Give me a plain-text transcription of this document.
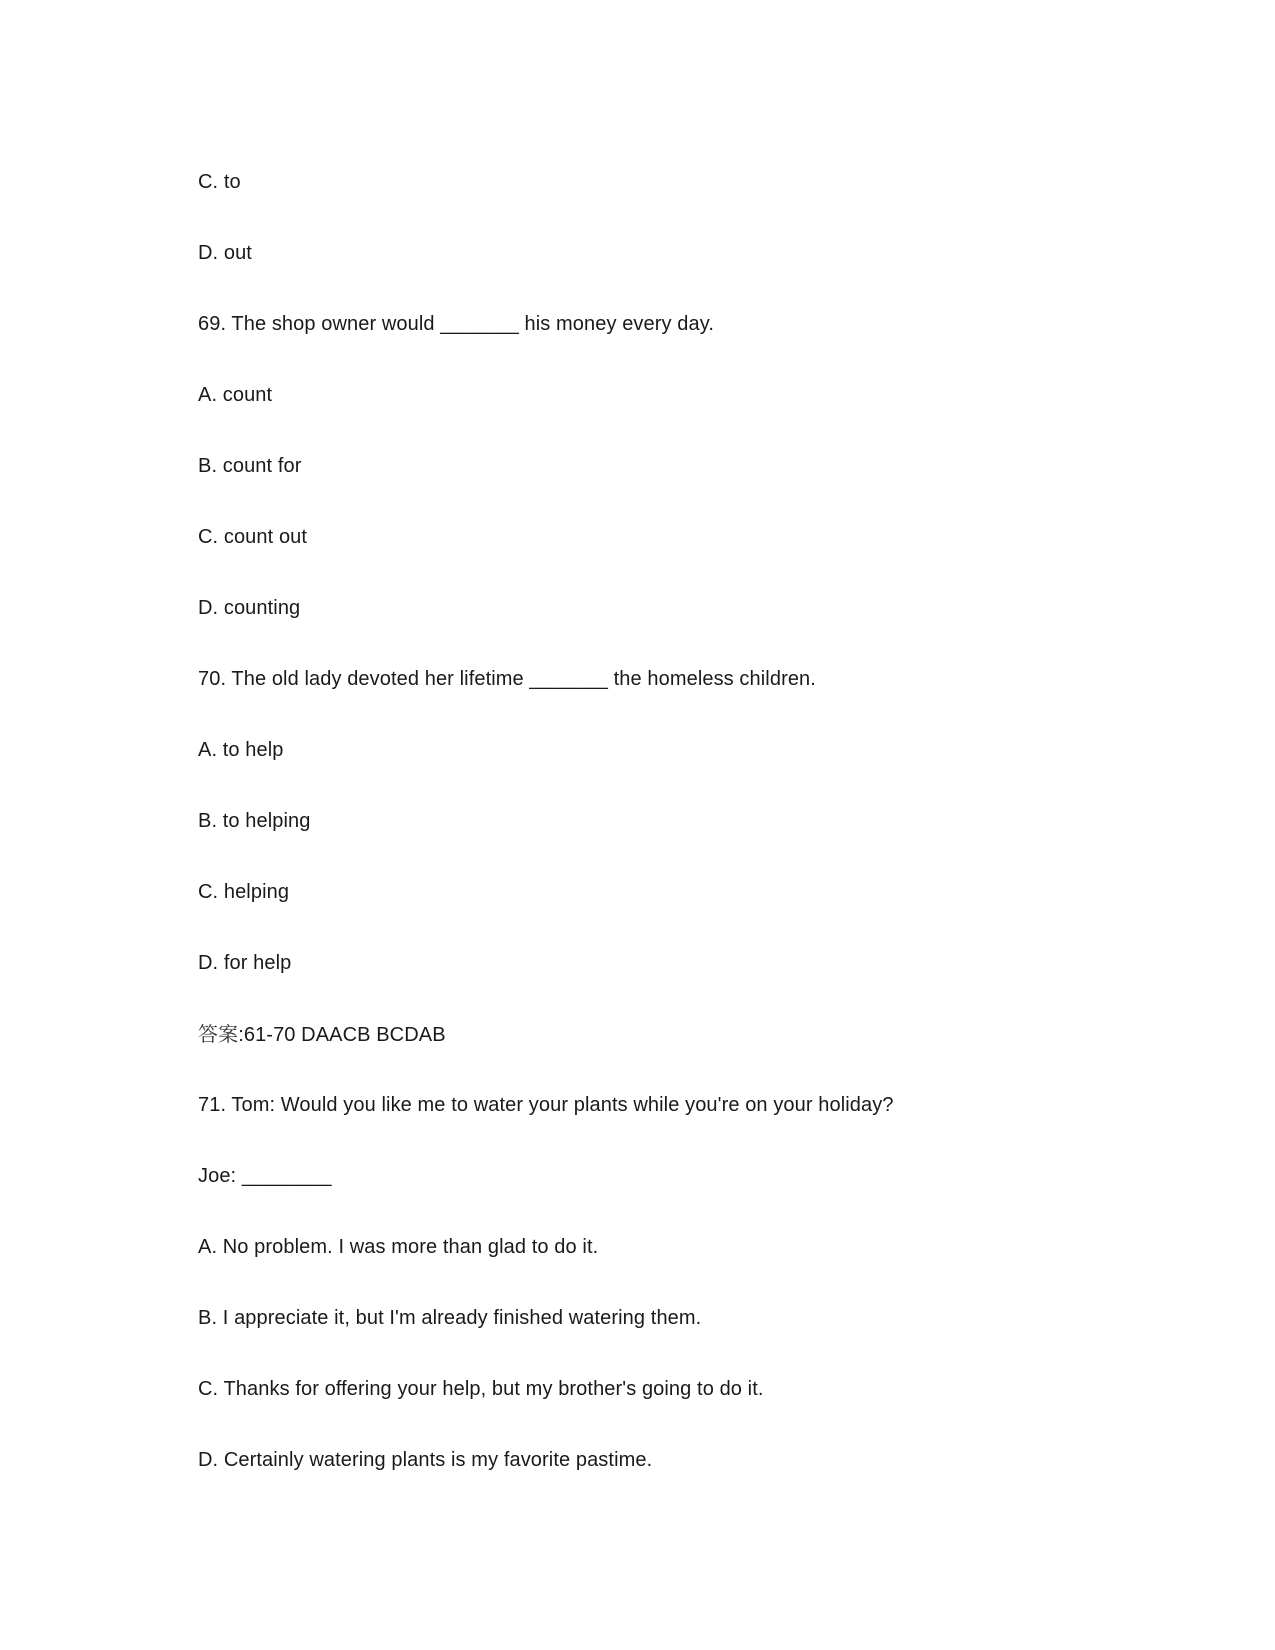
C. to
D. out
69. The shop owner would _______ his money every day.
A. count
B. count for
C. count out
D. counting
70. The old lady devoted her lifetime _______ the homeless children.
A. to help
B. to helping
C. helping
D. for help
答案:61-70 DAACB BCDAB
71. Tom: Would you like me to water your plants while you're on your holiday?
Joe: ________
A. No problem. I was more than glad to do it.
B. I appreciate it, but I'm already finished watering them.
C. Thanks for offering your help, but my brother's going to do it.
D. Certainly watering plants is my favorite pastime.
